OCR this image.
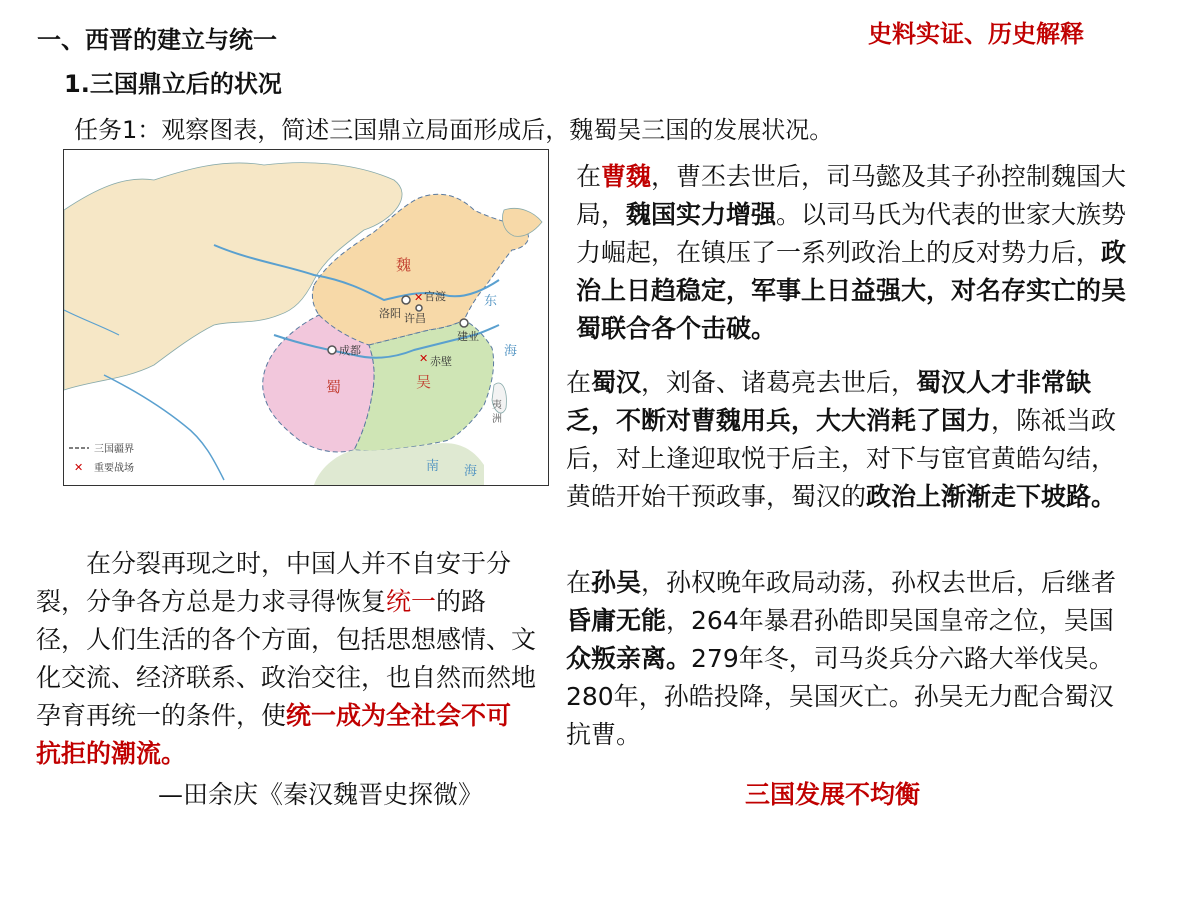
一、西晋的建立与统一
1.三国鼎立后的状况
任务1：观察图表，简述三国鼎立局面形成后，魏蜀吴三国的发展状况。
史料实证、历史解释
✕
✕
魏
蜀	吴
洛阳 许昌
官渡
成都
建业
赤壁
东
海
南 海
夷
洲
三国疆界
✕ 重要战场
在曹魏，曹丕去世后，司马懿及其子孙控制魏国大局，魏国实力增强。以司马氏为代表的世家大族势力崛起，在镇压了一系列政治上的反对势力后，政治上日趋稳定，军事上日益强大，对名存实亡的吴蜀联合各个击破。
在蜀汉，刘备、诸葛亮去世后，蜀汉人才非常缺乏，不断对曹魏用兵，大大消耗了国力，陈祗当政后，对上逢迎取悦于后主，对下与宦官黄皓勾结，黄皓开始干预政事，蜀汉的政治上渐渐走下坡路。
在孙吴，孙权晚年政局动荡，孙权去世后，后继者昏庸无能，264年暴君孙皓即吴国皇帝之位，吴国众叛亲离。279年冬，司马炎兵分六路大举伐吴。280年，孙皓投降，吴国灭亡。孙吴无力配合蜀汉抗曹。
在分裂再现之时，中国人并不自安于分裂，分争各方总是力求寻得恢复统一的路径，人们生活的各个方面，包括思想感情、文化交流、经济联系、政治交往，也自然而然地孕育再统一的条件，使统一成为全社会不可抗拒的潮流。
—田余庆《秦汉魏晋史探微》	三国发展不均衡
